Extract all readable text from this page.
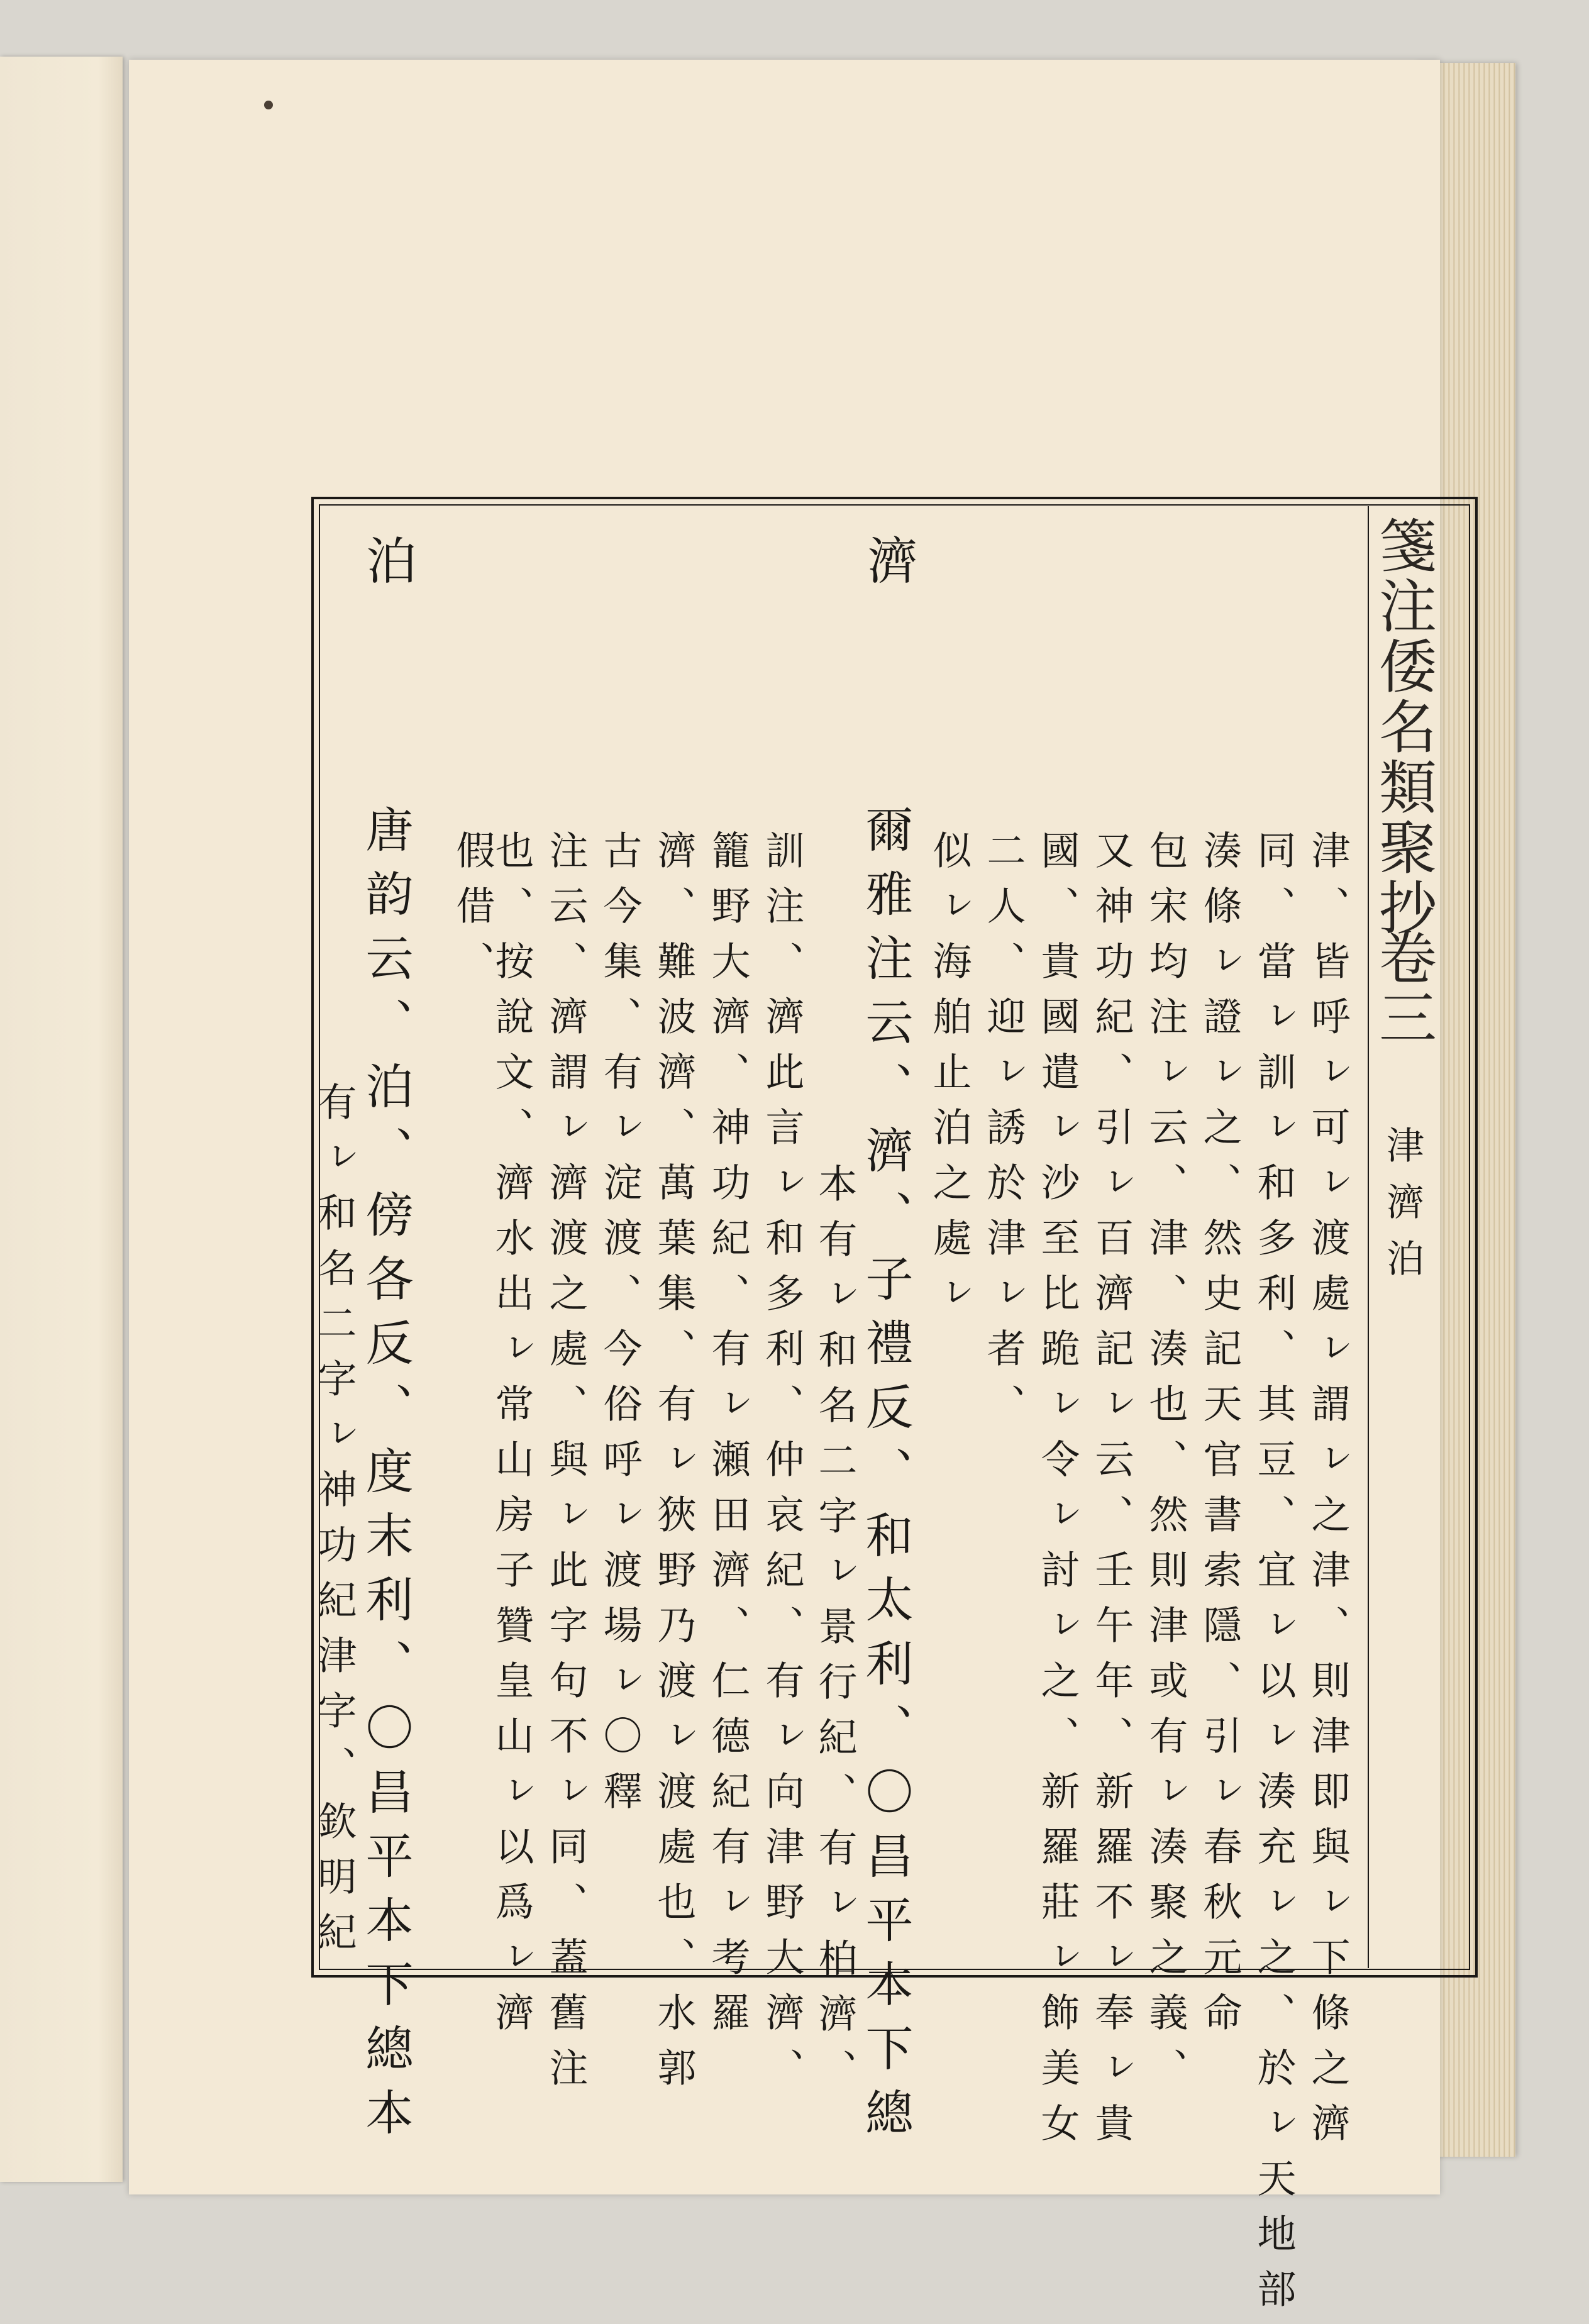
箋注倭名類聚抄
卷三
津濟泊
濟
泊
津、皆呼ㇾ可ㇾ渡處ㇾ謂ㇾ之津、則津即與ㇾ下條之濟
同、當ㇾ訓ㇾ和多利、其豆、宜ㇾ以ㇾ湊充ㇾ之、於ㇾ天地部
湊條ㇾ證ㇾ之、然史記天官書索隱、引ㇾ春秋元命
包宋均注ㇾ云、津、湊也、然則津或有ㇾ湊聚之義、
又神功紀、引ㇾ百濟記ㇾ云、壬午年、新羅不ㇾ奉ㇾ貴
國、貴國遣ㇾ沙至比跪ㇾ令ㇾ討ㇾ之、新羅莊ㇾ飾美女
二人、迎ㇾ誘於津ㇾ者、
似ㇾ海舶止泊之處ㇾ
爾雅注云、濟、子禮反、和太利、〇昌平本下總
本有ㇾ和名二字ㇾ景行紀、有ㇾ柏濟、
訓注、濟此言ㇾ和多利、仲哀紀、有ㇾ向津野大濟、
籠野大濟、神功紀、有ㇾ瀬田濟、仁德紀有ㇾ考羅
濟、難波濟、萬葉集、有ㇾ狹野乃渡ㇾ渡處也、水郭
古今集、有ㇾ淀渡、今俗呼ㇾ渡場ㇾ〇釋
注云、濟謂ㇾ濟渡之處、與ㇾ此字句不ㇾ同、蓋舊注
也、按說文、濟水出ㇾ常山房子贊皇山ㇾ以爲ㇾ濟
假借、
唐韵云、泊、傍各反、度末利、〇昌平本下總本
有ㇾ和名二字ㇾ神功紀津字、欽明紀
